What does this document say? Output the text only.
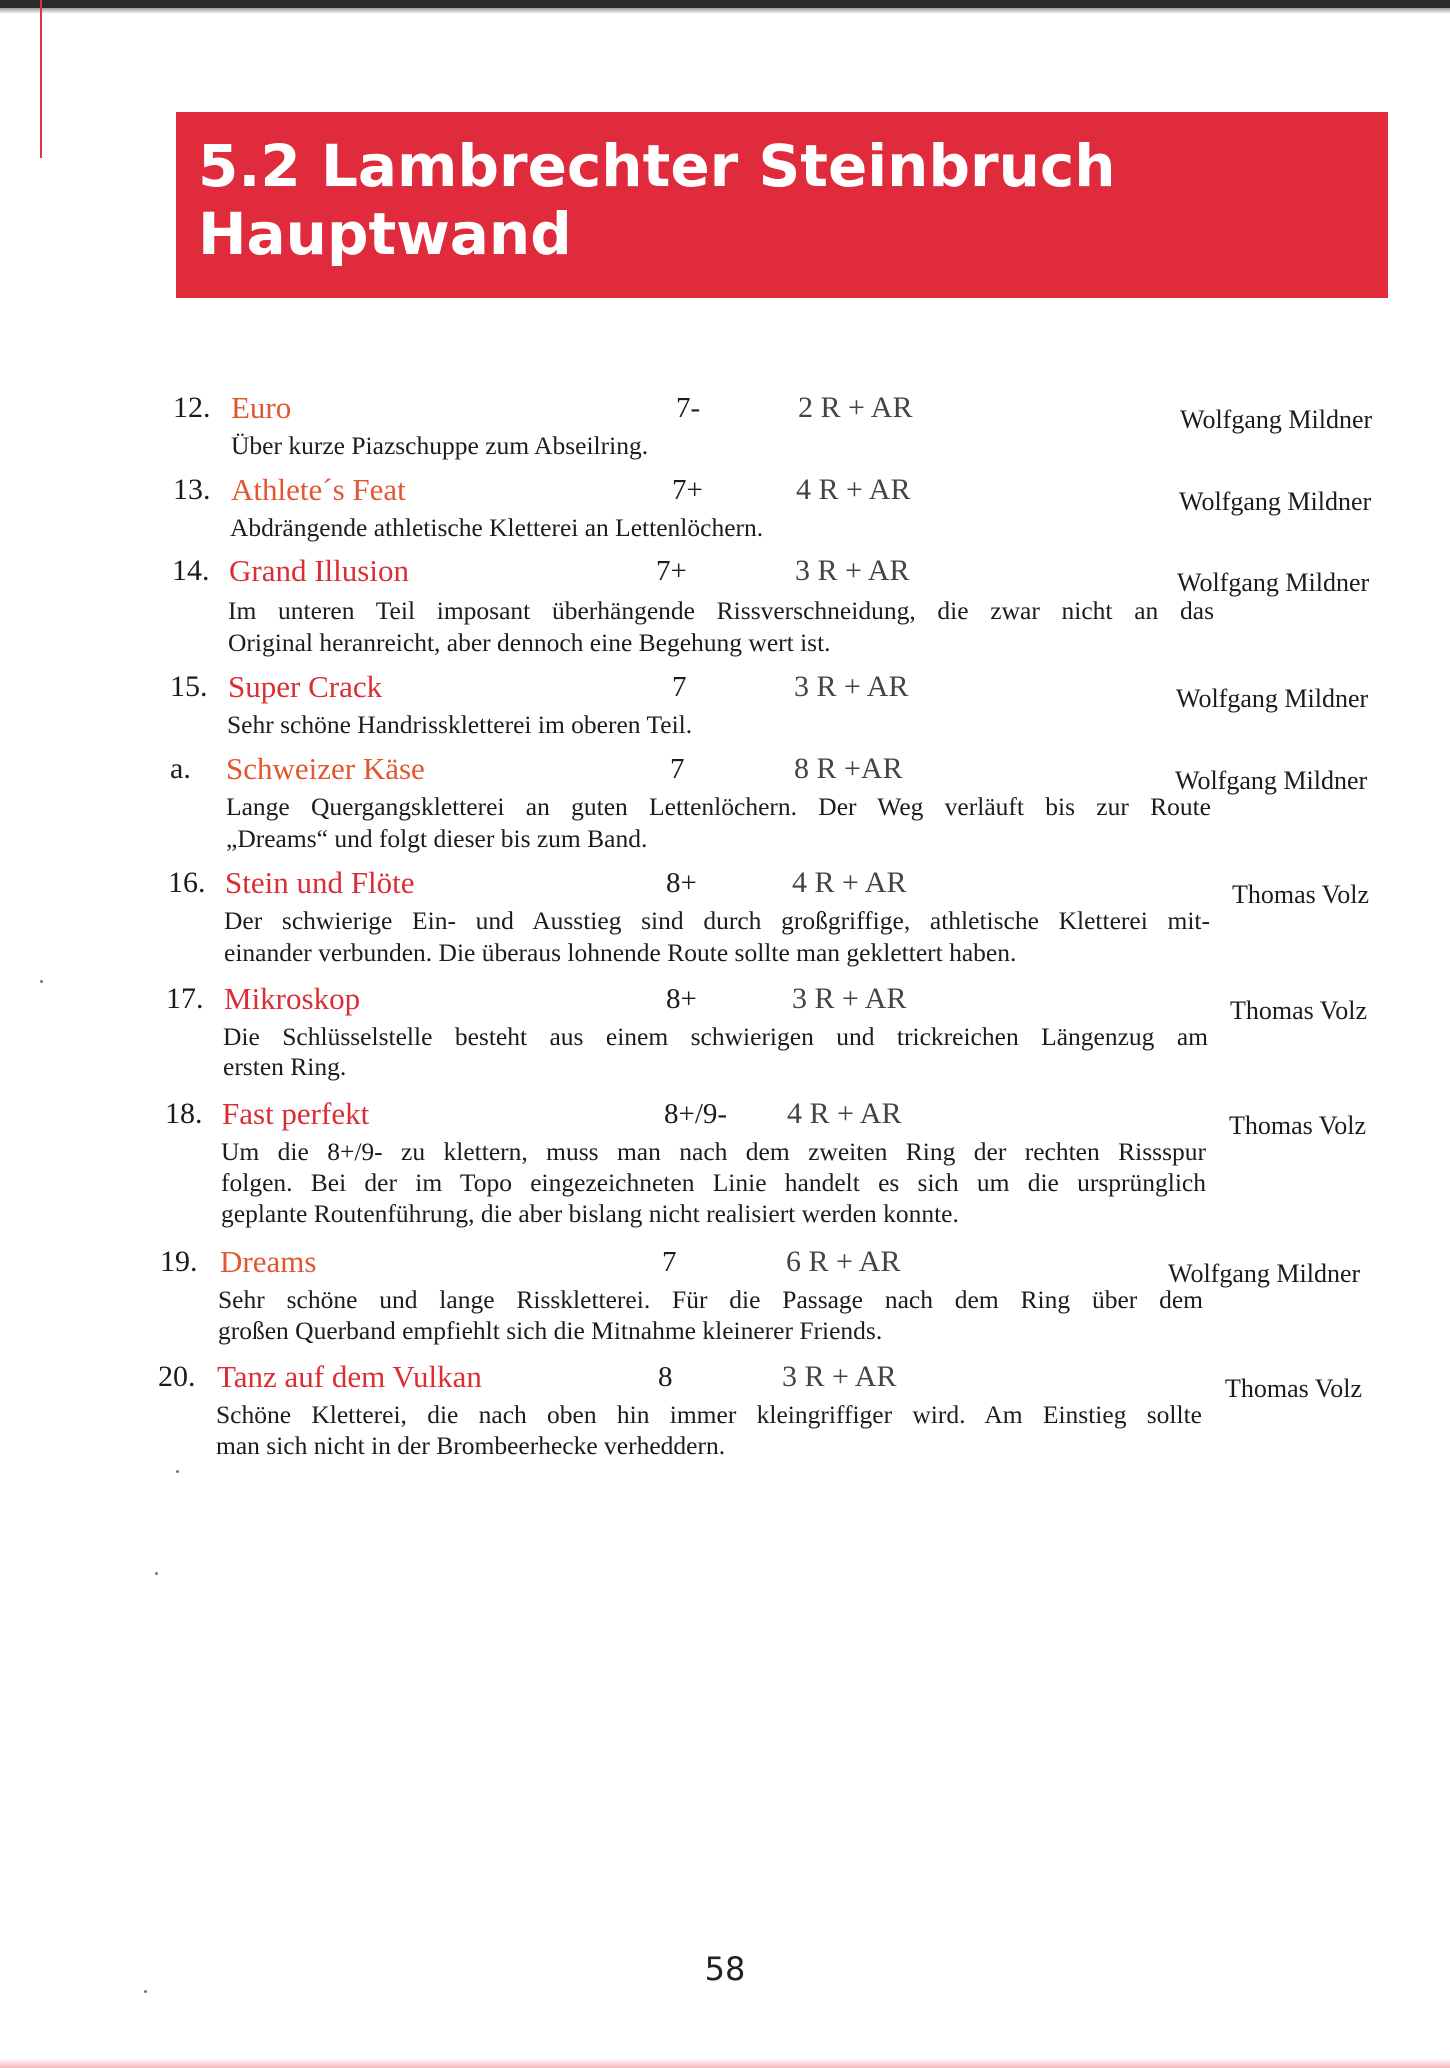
5.2 Lambrechter Steinbruch
Hauptwand
12. Euro	7-	2 R + AR	Wolfgang Mildner
Über kurze Piazschuppe zum Abseilring.
13. Athlete´s Feat	7+	4 R + AR	Wolfgang Mildner
Abdrängende athletische Kletterei an Lettenlöchern.
14. Grand Illusion	7+	3 R + AR	Wolfgang Mildner
Im unteren Teil imposant überhängende Rissverschneidung, die zwar nicht an das
Original heranreicht, aber dennoch eine Begehung wert ist.
15. Super Crack	7	3 R + AR	Wolfgang Mildner
Sehr schöne Handrisskletterei im oberen Teil.
a. Schweizer Käse	7	8 R +AR	Wolfgang Mildner
Lange Quergangskletterei an guten Lettenlöchern. Der Weg verläuft bis zur Route
„Dreams“ und folgt dieser bis zum Band.
16. Stein und Flöte	8+	4 R + AR	Thomas Volz
Der schwierige Ein- und Ausstieg sind durch großgriffige, athletische Kletterei mit-
einander verbunden. Die überaus lohnende Route sollte man geklettert haben.
17. Mikroskop	8+	3 R + AR	Thomas Volz
Die Schlüsselstelle besteht aus einem schwierigen und trickreichen Längenzug am
ersten Ring.
18. Fast perfekt	8+/9- 4 R + AR	Thomas Volz
Um die 8+/9- zu klettern, muss man nach dem zweiten Ring der rechten Rissspur
folgen. Bei der im Topo eingezeichneten Linie handelt es sich um die ursprünglich
geplante Routenführung, die aber bislang nicht realisiert werden konnte.
19. Dreams	7	6 R + AR	Wolfgang Mildner
Sehr schöne und lange Risskletterei. Für die Passage nach dem Ring über dem
großen Querband empfiehlt sich die Mitnahme kleinerer Friends.
20. Tanz auf dem Vulkan	8	3 R + AR	Thomas Volz
Schöne Kletterei, die nach oben hin immer kleingriffiger wird. Am Einstieg sollte
man sich nicht in der Brombeerhecke verheddern.
58
